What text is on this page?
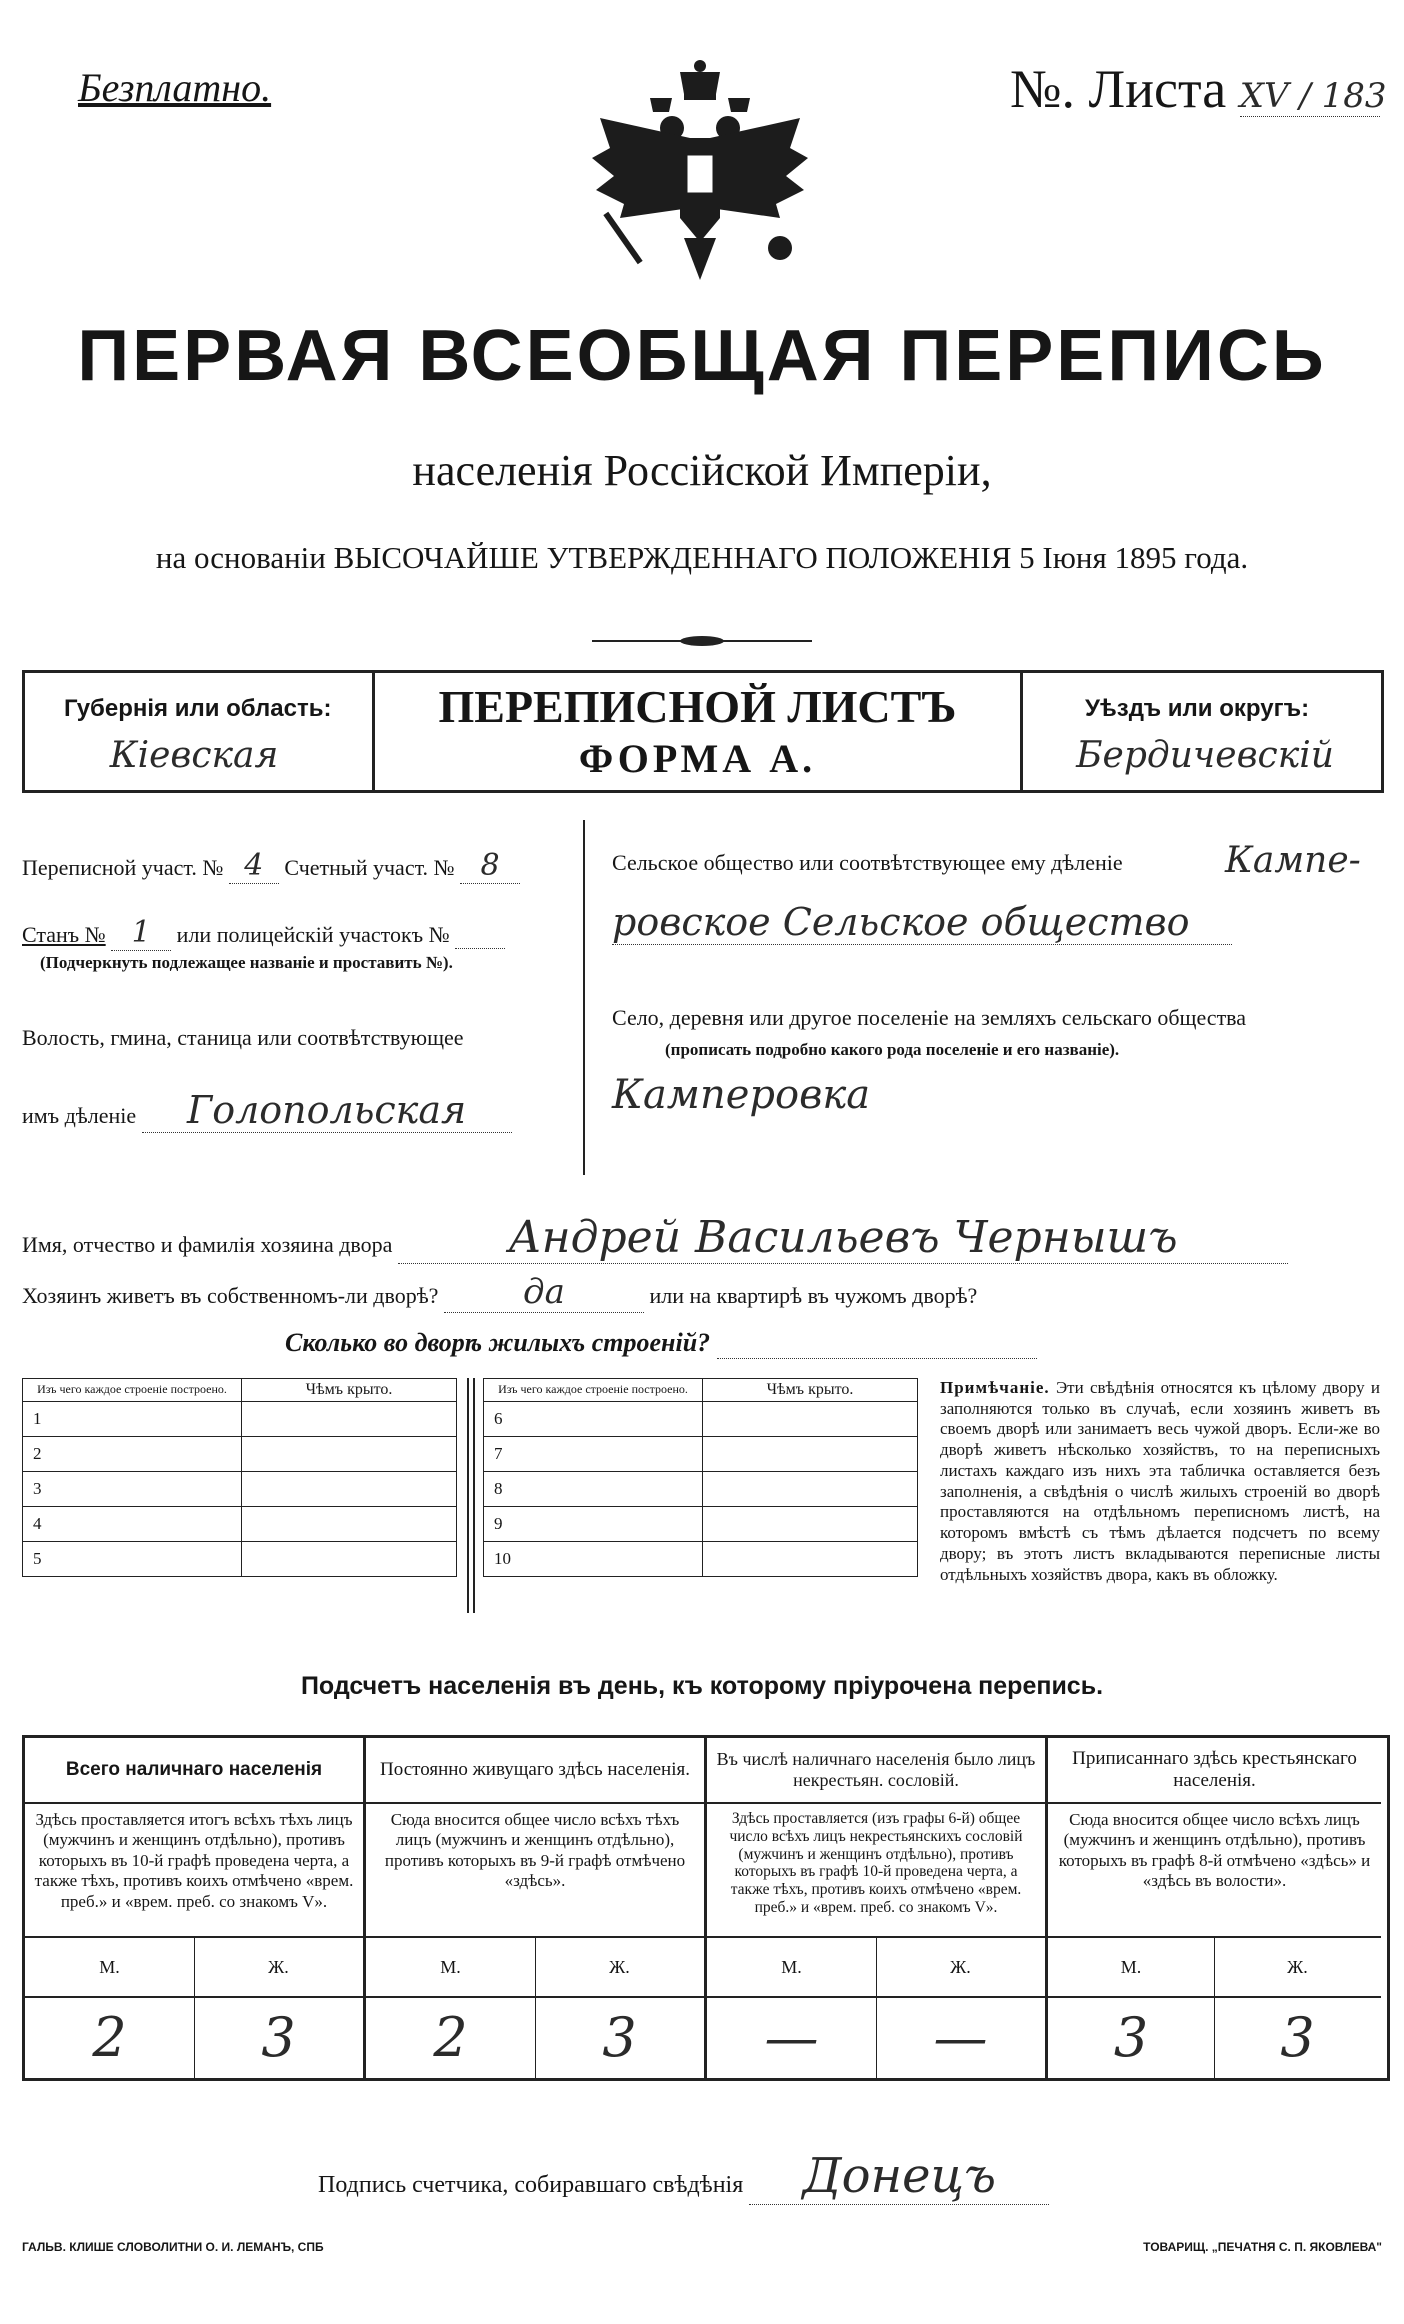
Безплатно.	№. Листа XV / 183
ПЕРВАЯ ВСЕОБЩАЯ ПЕРЕПИСЬ
населенія Россійской Имперіи,
на основаніи ВЫСОЧАЙШЕ УТВЕРЖДЕННАГО ПОЛОЖЕНІЯ 5 Іюня 1895 года.
Губернія или область:
Кіевская
ПЕРЕПИСНОЙ ЛИСТЪ
ФОРМА А.
Уѣздъ или округъ:
Бердичевскій
Переписной участ. № 4 Счетный участ. № 8
Станъ № 1 или полицейскій участокъ №
(Подчеркнуть подлежащее названіе и проставить №).
Волость, гмина, станица или соотвѣтствующее
имъ дѣленіе Голопольская
Сельское общество или соотвѣтствующее ему дѣленіе	Кампе-
ровское Сельское общество
Село, деревня или другое поселеніе на земляхъ сельскаго общества
(прописать подробно какого рода поселеніе и его названіе).
Камперовка
Имя, отчество и фамилія хозяина двора	Андрей Васильевъ Чернышъ
Хозяинъ живетъ въ собственномъ-ли дворѣ? да	или на квартирѣ въ чужомъ дворѣ?
Сколько во дворѣ жилыхъ строеній?
Изъ чего каждое строеніе построено.	Чѣмъ крыто.
1	
2	
3	
4	
5	
Изъ чего каждое строеніе построено.	Чѣмъ крыто.
6	
7	
8	
9	
10	
Примѣчаніе. Эти свѣдѣнія относятся къ цѣлому двору и заполняются только въ случаѣ, если хозяинъ живетъ въ своемъ дворѣ или занимаетъ весь чужой дворъ. Если-же во дворѣ живетъ нѣсколько хозяйствъ, то на переписныхъ листахъ каждаго изъ нихъ эта табличка оставляется безъ заполненія, а свѣдѣнія о числѣ жилыхъ строеній во дворѣ проставляются на отдѣльномъ переписномъ листѣ, на которомъ вмѣстѣ съ тѣмъ дѣлается подсчетъ по всему двору; въ этотъ листъ вкладываются переписные листы отдѣльныхъ хозяйствъ двора, какъ въ обложку.
Подсчетъ населенія въ день, къ которому пріурочена перепись.
Всего наличнаго населенія
Здѣсь проставляется итогъ всѣхъ тѣхъ лицъ (мужчинъ и женщинъ отдѣльно), противъ которыхъ въ 10-й графѣ проведена черта, а также тѣхъ, противъ коихъ отмѣчено «врем. преб.» и «врем. преб. со знакомъ V».
М.	Ж.
2	3
Постоянно живущаго здѣсь населенія.
Сюда вносится общее число всѣхъ тѣхъ лицъ (мужчинъ и женщинъ отдѣльно), противъ которыхъ въ 9-й графѣ отмѣчено «здѣсь».
М.	Ж.
2	3
Въ числѣ наличнаго населенія было лицъ некрестьян. сословій.
Здѣсь проставляется (изъ графы 6-й) общее число всѣхъ лицъ некрестьянскихъ сословій (мужчинъ и женщинъ отдѣльно), противъ которыхъ въ графѣ 10-й проведена черта, а также тѣхъ, противъ коихъ отмѣчено «врем. преб.» и «врем. преб. со знакомъ V».
М.	Ж.
—	—
Приписаннаго здѣсь крестьянскаго населенія.
Сюда вносится общее число всѣхъ лицъ (мужчинъ и женщинъ отдѣльно), противъ которыхъ въ графѣ 8-й отмѣчено «здѣсь» и «здѣсь въ волости».
М.	Ж.
3	3
Подпись счетчика, собиравшаго свѣдѣнія Донецъ
ГАЛЬВ. КЛИШЕ СЛОВОЛИТНИ О. И. ЛЕМАНЪ, СПБ	ТОВАРИЩ. „ПЕЧАТНЯ С. П. ЯКОВЛЕВА"
